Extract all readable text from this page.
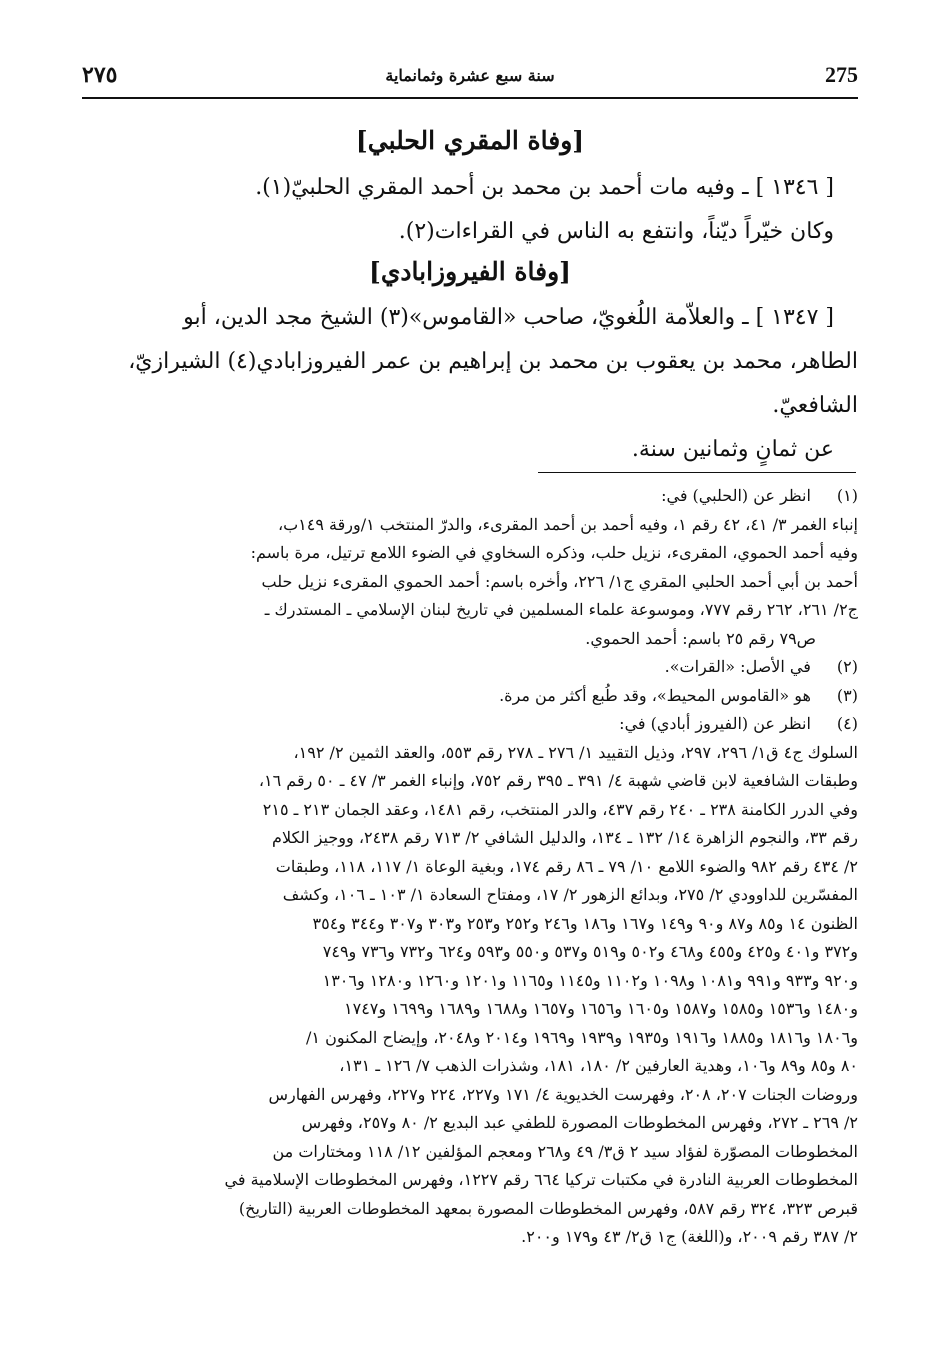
٢٧٥	سنة سبع عشرة وثمانماية	275
[وفاة المقري الحلبي]
[ ١٣٤٦ ] ـ وفيه مات أحمد بن محمد بن أحمد المقري الحلبيّ(١).
وكان خيّراً ديّناً، وانتفع به الناس في القراءات(٢).
[وفاة الفيروزابادي]
[ ١٣٤٧ ] ـ والعلاّمة اللُغويّ، صاحب «القاموس»(٣) الشيخ مجد الدين، أبو
الطاهر، محمد بن يعقوب بن محمد بن إبراهيم بن عمر الفيروزابادي(٤) الشيرازيّ،
الشافعيّ.
عن ثمانٍ وثمانين سنة.
(١) انظر عن (الحلبي) في:
إنباء الغمر ٣/ ٤١، ٤٢ رقم ١، وفيه أحمد بن أحمد المقرىء، والدرّ المنتخب ١/ورقة ١٤٩ب،
وفيه أحمد الحموي، المقرىء، نزيل حلب، وذكره السخاوي في الضوء اللامع ترتيل، مرة باسم:
أحمد بن أبي أحمد الحلبي المقري ج١/ ٢٢٦، وأخره باسم: أحمد الحموي المقرىء نزيل حلب
ج٢/ ٢٦١، ٢٦٢ رقم ٧٧٧، وموسوعة علماء المسلمين في تاريخ لبنان الإسلامي ـ المستدرك ـ
ص٧٩ رقم ٢٥ باسم: أحمد الحموي.
(٢) في الأصل: «القرات».
(٣) هو «القاموس المحيط»، وقد طُبع أكثر من مرة.
(٤) انظر عن (الفيروز أبادي) في:
السلوك ج٤ ق١/ ٢٩٦، ٢٩٧، وذيل التقييد ١/ ٢٧٦ ـ ٢٧٨ رقم ٥٥٣، والعقد الثمين ٢/ ١٩٢،
وطبقات الشافعية لابن قاضي شهبة ٤/ ٣٩١ ـ ٣٩٥ رقم ٧٥٢، وإنباء الغمر ٣/ ٤٧ ـ ٥٠ رقم ١٦،
وفي الدرر الكامنة ٢٣٨ ـ ٢٤٠ رقم ٤٣٧، والدر المنتخب، رقم ١٤٨١، وعقد الجمان ٢١٣ ـ ٢١٥
رقم ٣٣، والنجوم الزاهرة ١٤/ ١٣٢ ـ ١٣٤، والدليل الشافي ٢/ ٧١٣ رقم ٢٤٣٨، ووجيز الكلام
٢/ ٤٣٤ رقم ٩٨٢ والضوء اللامع ١٠/ ٧٩ ـ ٨٦ رقم ١٧٤، وبغية الوعاة ١/ ١١٧، ١١٨، وطبقات
المفسّرين للداوودي ٢/ ٢٧٥، وبدائع الزهور ٢/ ١٧، ومفتاح السعادة ١/ ١٠٣ ـ ١٠٦، وكشف
الظنون ١٤ و٨٥ و٨٧ و٩٠ و١٤٩ و١٦٧ و١٨٦ و٢٤٦ و٢٥٢ و٢٥٣ و٣٠٣ و٣٠٧ و٣٤٤ و٣٥٤
و٣٧٢ و٤٠١ و٤٢٥ و٤٥٥ و٤٦٨ و٥٠٢ و٥١٩ و٥٣٧ و٥٥٠ و٥٩٣ و٦٢٤ و٧٣٢ و٧٣٦ و٧٤٩
و٩٢٠ و٩٣٣ و٩٩١ و١٠٨١ و١٠٩٨ و١١٠٢ و١١٤٥ و١١٦٥ و١٢٠١ و١٢٦٠ و١٢٨٠ و١٣٠٦
و١٤٨٠ و١٥٣٦ و١٥٨٥ و١٥٨٧ و١٦٠٥ و١٦٥٦ و١٦٥٧ و١٦٨٨ و١٦٨٩ و١٦٩٩ و١٧٤٧
و١٨٠٦ و١٨١٦ و١٨٨٥ و١٩١٦ و١٩٣٥ و١٩٣٩ و١٩٦٩ و٢٠١٤ و٢٠٤٨، وإيضاح المكنون ١/
٨٠ و٨٥ و٨٩ و١٠٦، وهدية العارفين ٢/ ١٨٠، ١٨١، وشذرات الذهب ٧/ ١٢٦ ـ ١٣١،
وروضات الجنات ٢٠٧، ٢٠٨، وفهرست الخديوية ٤/ ١٧١ و٢٢٧، ٢٢٤ و٢٢٧، وفهرس الفهارس
٢/ ٢٦٩ ـ ٢٧٢، وفهرس المخطوطات المصورة للطفي عبد البديع ٢/ ٨٠ و٢٥٧، وفهرس
المخطوطات المصوّرة لفؤاد سيد ٢ ق٣/ ٤٩ و٢٦٨ ومعجم المؤلفين ١٢/ ١١٨ ومختارات من
المخطوطات العربية النادرة في مكتبات تركيا ٦٦٤ رقم ١٢٢٧، وفهرس المخطوطات الإسلامية في
قبرص ٣٢٣، ٣٢٤ رقم ٥٨٧، وفهرس المخطوطات المصورة بمعهد المخطوطات العربية (التاريخ)
٢/ ٣٨٧ رقم ٢٠٠٩، و(اللغة) ج١ ق٢/ ٤٣ و١٧٩ و٢٠٠.
